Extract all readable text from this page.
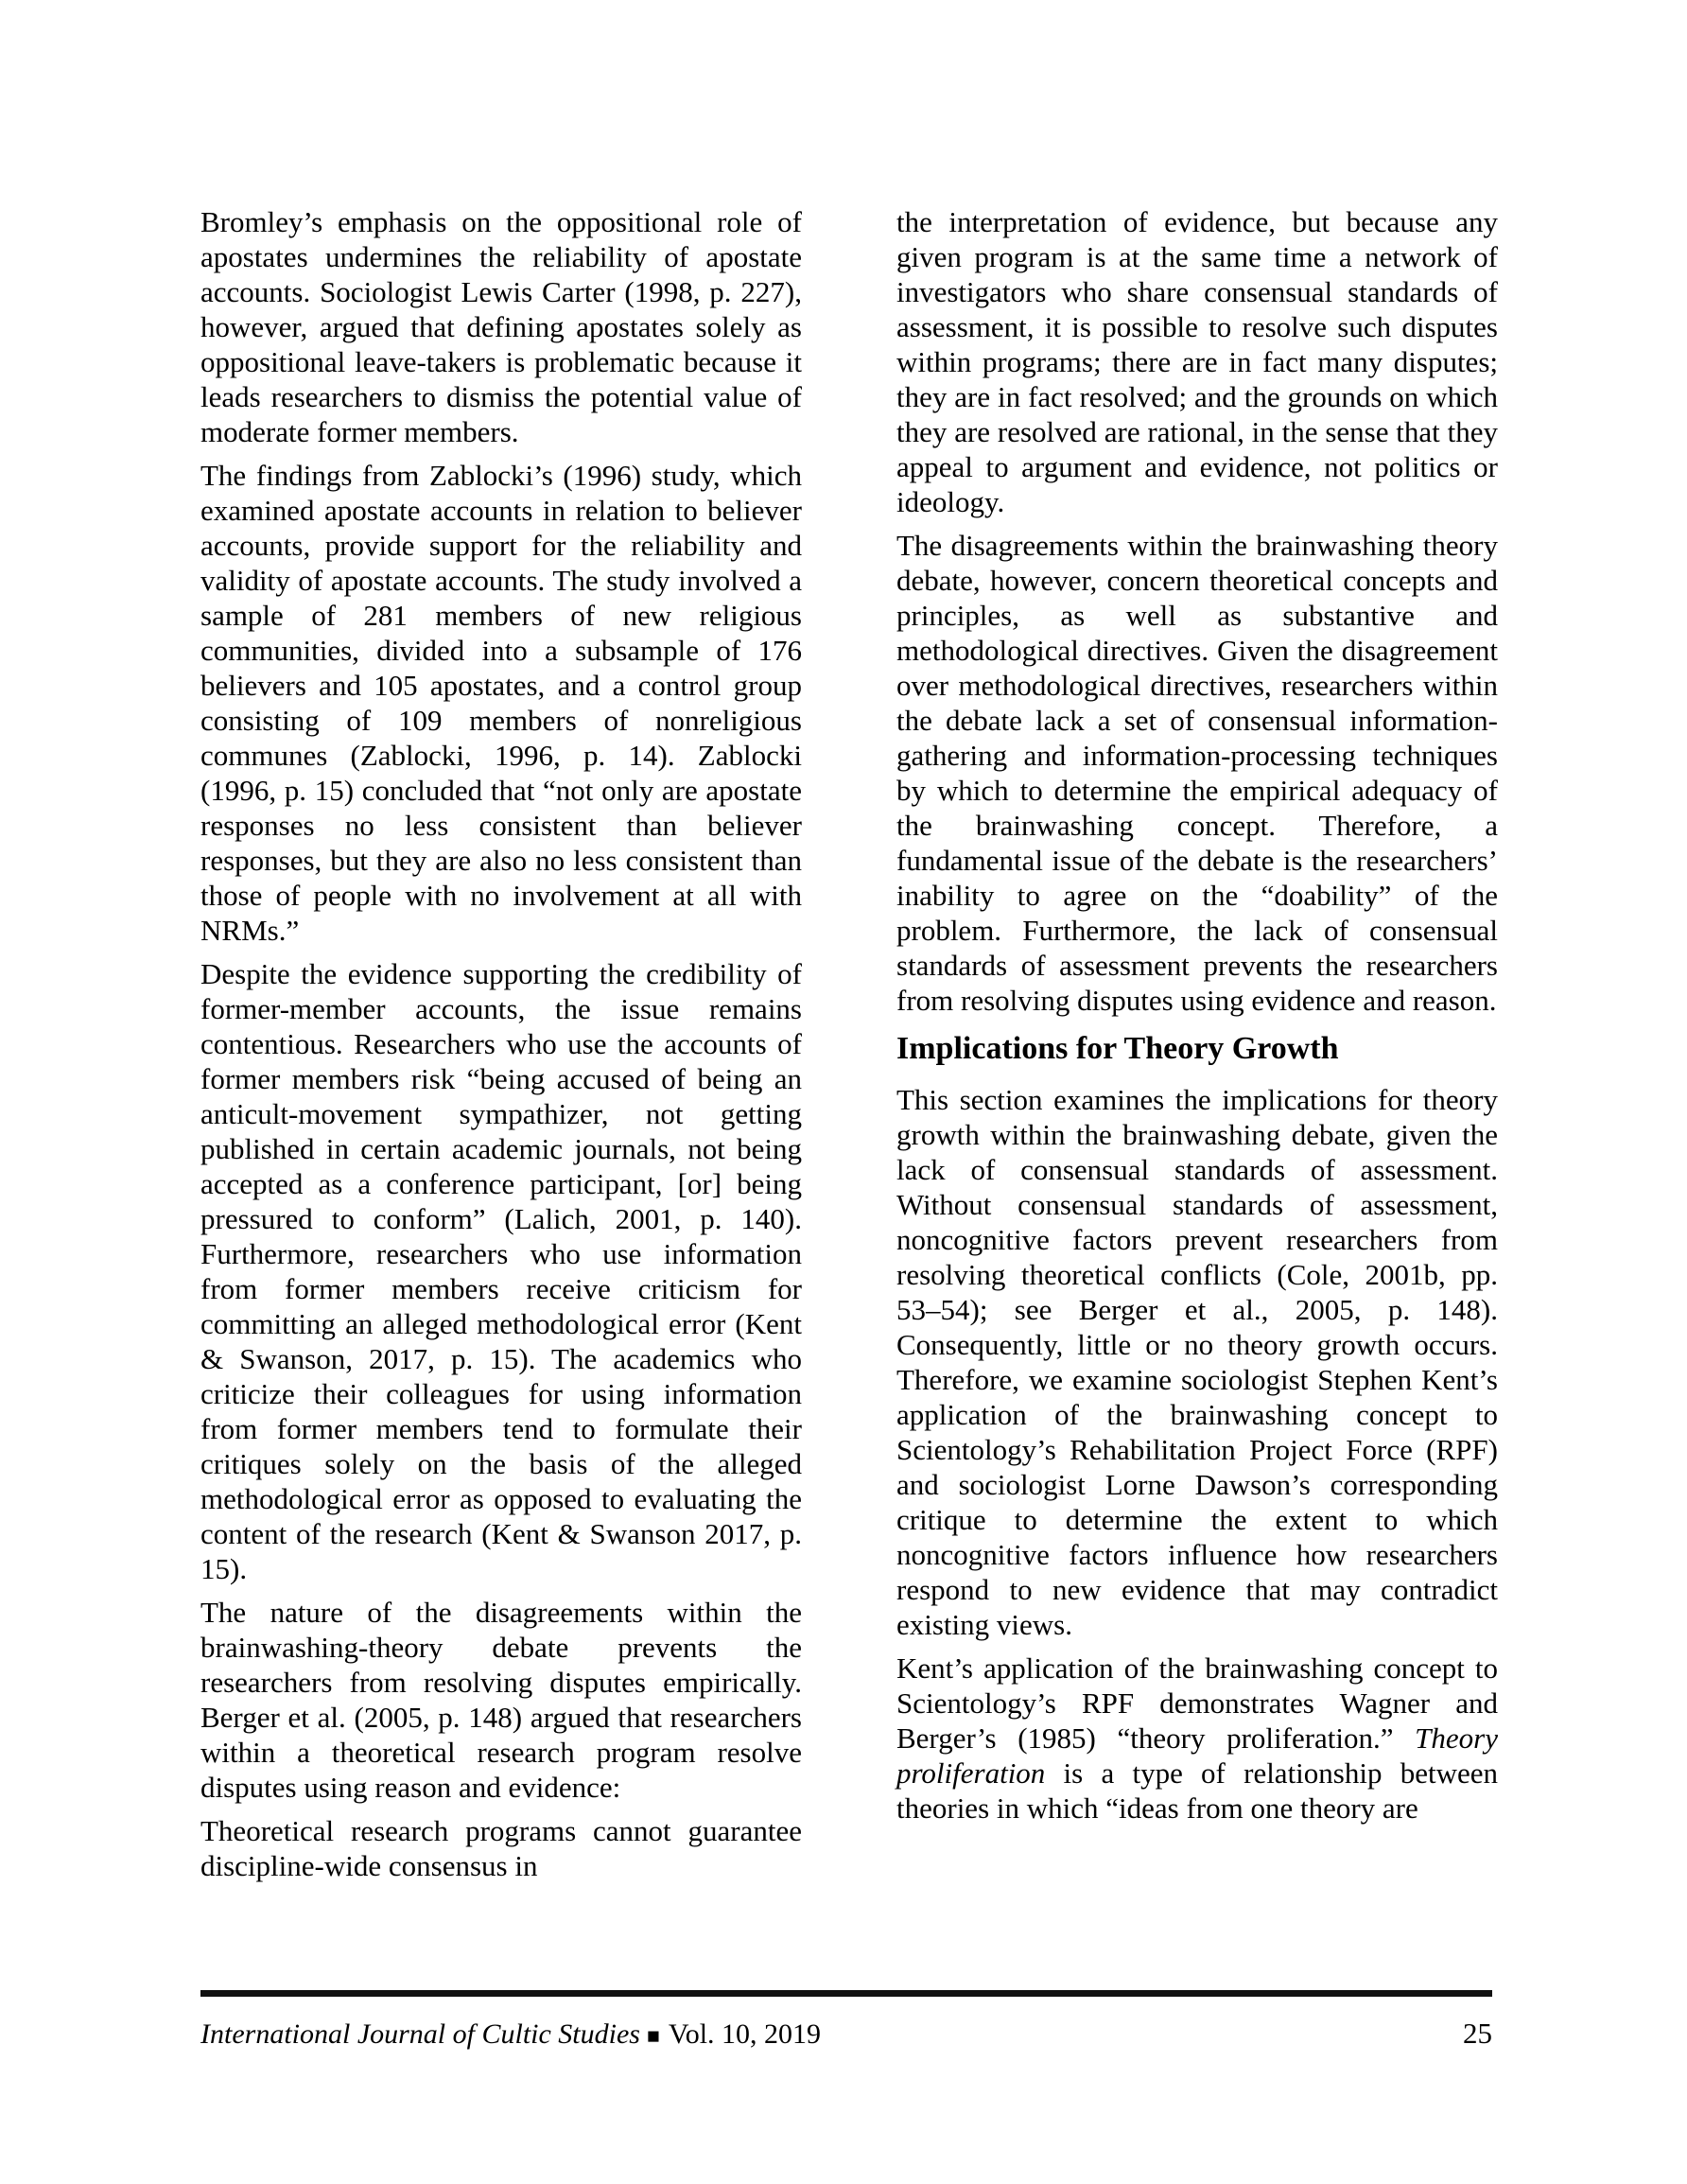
Bromley’s emphasis on the oppositional role of apostates undermines the reliability of apostate accounts. Sociologist Lewis Carter (1998, p. 227), however, argued that defining apostates solely as oppositional leave-takers is problematic because it leads researchers to dismiss the potential value of moderate former members.

The findings from Zablocki’s (1996) study, which examined apostate accounts in relation to believer accounts, provide support for the reliability and validity of apostate accounts. The study involved a sample of 281 members of new religious communities, divided into a subsample of 176 believers and 105 apostates, and a control group consisting of 109 members of nonreligious communes (Zablocki, 1996, p. 14). Zablocki (1996, p. 15) concluded that “not only are apostate responses no less consistent than believer responses, but they are also no less consistent than those of people with no involvement at all with NRMs.”

Despite the evidence supporting the credibility of former-member accounts, the issue remains contentious. Researchers who use the accounts of former members risk “being accused of being an anticult-movement sympathizer, not getting published in certain academic journals, not being accepted as a conference participant, [or] being pressured to conform” (Lalich, 2001, p. 140). Furthermore, researchers who use information from former members receive criticism for committing an alleged methodological error (Kent & Swanson, 2017, p. 15). The academics who criticize their colleagues for using information from former members tend to formulate their critiques solely on the basis of the alleged methodological error as opposed to evaluating the content of the research (Kent & Swanson 2017, p. 15).

The nature of the disagreements within the brainwashing-theory debate prevents the researchers from resolving disputes empirically. Berger et al. (2005, p. 148) argued that researchers within a theoretical research program resolve disputes using reason and evidence:

Theoretical research programs cannot guarantee discipline-wide consensus in

the interpretation of evidence, but because any given program is at the same time a network of investigators who share consensual standards of assessment, it is possible to resolve such disputes within programs; there are in fact many disputes; they are in fact resolved; and the grounds on which they are resolved are rational, in the sense that they appeal to argument and evidence, not politics or ideology.

The disagreements within the brainwashing theory debate, however, concern theoretical concepts and principles, as well as substantive and methodological directives. Given the disagreement over methodological directives, researchers within the debate lack a set of consensual information-gathering and information-processing techniques by which to determine the empirical adequacy of the brainwashing concept. Therefore, a fundamental issue of the debate is the researchers’ inability to agree on the “doability” of the problem. Furthermore, the lack of consensual standards of assessment prevents the researchers from resolving disputes using evidence and reason.

Implications for Theory Growth

This section examines the implications for theory growth within the brainwashing debate, given the lack of consensual standards of assessment. Without consensual standards of assessment, noncognitive factors prevent researchers from resolving theoretical conflicts (Cole, 2001b, pp. 53–54); see Berger et al., 2005, p. 148). Consequently, little or no theory growth occurs. Therefore, we examine sociologist Stephen Kent’s application of the brainwashing concept to Scientology’s Rehabilitation Project Force (RPF) and sociologist Lorne Dawson’s corresponding critique to determine the extent to which noncognitive factors influence how researchers respond to new evidence that may contradict existing views.

Kent’s application of the brainwashing concept to Scientology’s RPF demonstrates Wagner and Berger’s (1985) “theory proliferation.” Theory proliferation is a type of relationship between theories in which “ideas from one theory are

International Journal of Cultic Studies ■ Vol. 10, 2019	25
